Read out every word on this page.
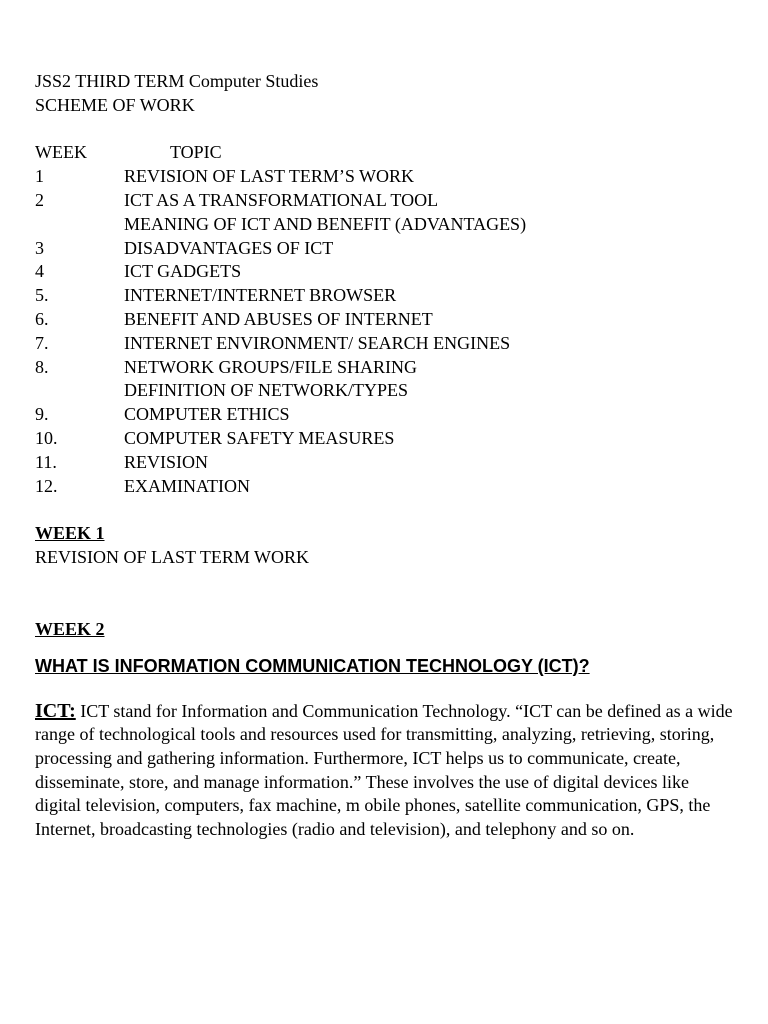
JSS2 THIRD TERM Computer Studies
SCHEME OF WORK
WEEK	TOPIC
1	REVISION OF LAST TERM’S WORK
2	ICT AS A TRANSFORMATIONAL TOOL
MEANING OF ICT AND BENEFIT (ADVANTAGES)
3	DISADVANTAGES OF ICT
4	ICT GADGETS
5.	INTERNET/INTERNET BROWSER
6.	BENEFIT AND ABUSES OF INTERNET
7.	INTERNET ENVIRONMENT/ SEARCH ENGINES
8.	NETWORK GROUPS/FILE SHARING
DEFINITION OF NETWORK/TYPES
9.	COMPUTER ETHICS
10.	COMPUTER SAFETY MEASURES
11.	REVISION
12.	EXAMINATION
WEEK 1
REVISION OF LAST TERM WORK
WEEK 2
WHAT IS INFORMATION COMMUNICATION TECHNOLOGY (ICT)?

ICT: ICT stand for Information and Communication Technology. “ICT can be defined as a wide range of technological tools and resources used for transmitting, analyzing, retrieving, storing, processing and gathering information. Furthermore, ICT helps us to communicate, create, disseminate, store, and manage information.” These involves the use of digital devices like digital television, computers, fax machine, m obile phones, satellite communication, GPS, the Internet, broadcasting technologies (radio and television), and telephony and so on.
